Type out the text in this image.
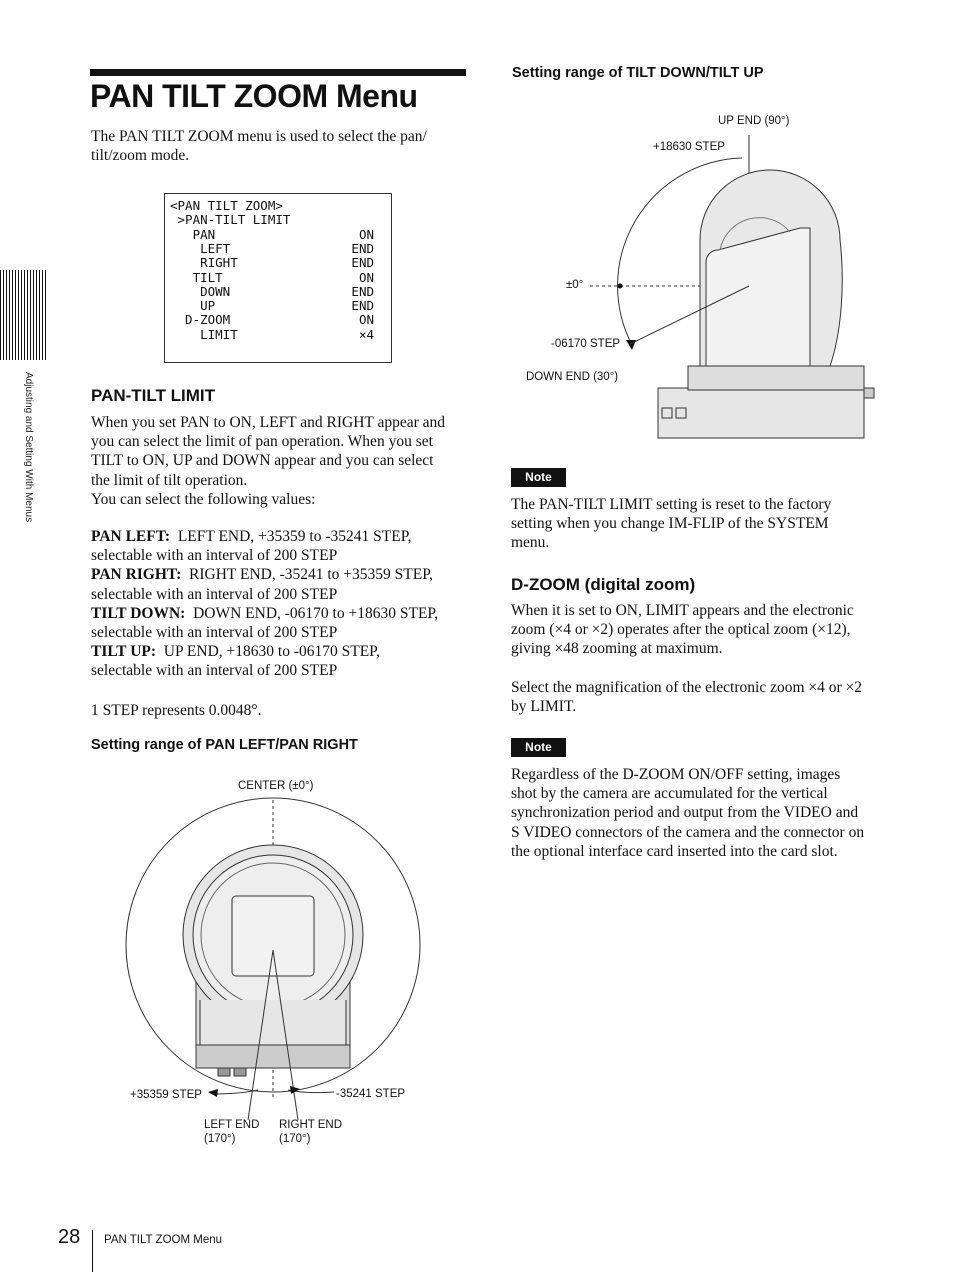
Adjusting and Setting With Menus
PAN TILT ZOOM Menu
The PAN TILT ZOOM menu is used to select the pan/
tilt/zoom mode.
<PAN TILT ZOOM>
>PAN-TILT LIMIT
PAN	ON
LEFT	END
RIGHT	END
TILT	ON
DOWN	END
UP	END
D-ZOOM	ON
LIMIT	×4
PAN-TILT LIMIT
When you set PAN to ON, LEFT and RIGHT appear and
you can select the limit of pan operation. When you set
TILT to ON, UP and DOWN appear and you can select
the limit of tilt operation.
You can select the following values:
PAN LEFT: LEFT END, +35359 to -35241 STEP,
selectable with an interval of 200 STEP
PAN RIGHT: RIGHT END, -35241 to +35359 STEP,
selectable with an interval of 200 STEP
TILT DOWN: DOWN END, -06170 to +18630 STEP,
selectable with an interval of 200 STEP
TILT UP: UP END, +18630 to -06170 STEP,
selectable with an interval of 200 STEP
1 STEP represents 0.0048°.
Setting range of PAN LEFT/PAN RIGHT
CENTER (±0°)
+35359 STEP	-35241 STEP
LEFT END
(170°)
RIGHT END
(170°)
Setting range of TILT DOWN/TILT UP
UP END (90°)
+18630 STEP
±0°
-06170 STEP
DOWN END (30°)
Note
The PAN-TILT LIMIT setting is reset to the factory
setting when you change IM-FLIP of the SYSTEM
menu.
D-ZOOM (digital zoom)
When it is set to ON, LIMIT appears and the electronic
zoom (×4 or ×2) operates after the optical zoom (×12),
giving ×48 zooming at maximum.
Select the magnification of the electronic zoom ×4 or ×2
by LIMIT.
Note
Regardless of the D-ZOOM ON/OFF setting, images
shot by the camera are accumulated for the vertical
synchronization period and output from the VIDEO and
S VIDEO connectors of the camera and the connector on
the optional interface card inserted into the card slot.
28 PAN TILT ZOOM Menu
